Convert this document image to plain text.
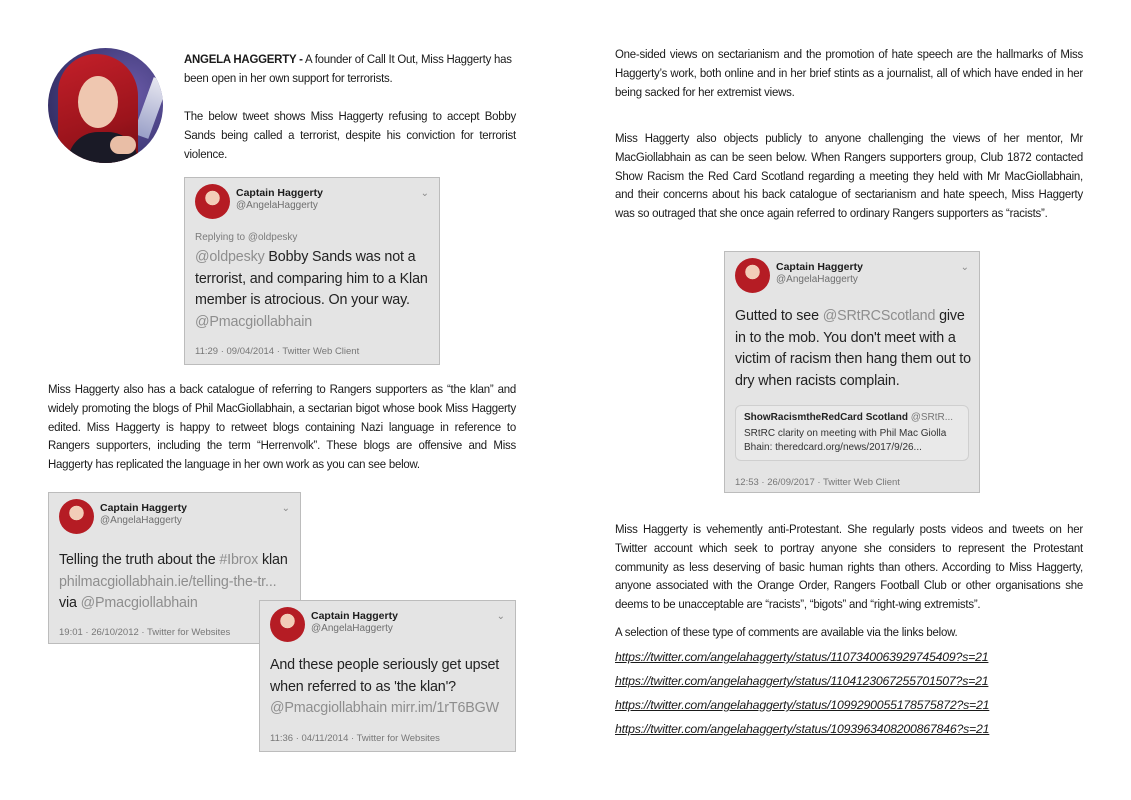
ANGELA HAGGERTY - A founder of Call It Out, Miss Haggerty has been open in her own support for terrorists.

The below tweet shows Miss Haggerty refusing to accept Bobby Sands being called a terrorist, despite his conviction for terrorist violence.

Captain Haggerty
@AngelaHaggerty
⌄
Replying to @oldpesky
@oldpesky Bobby Sands was not a
terrorist, and comparing him to a Klan
member is atrocious. On your way.
@Pmacgiollabhain
11:29 · 09/04/2014 · Twitter Web Client

Miss Haggerty also has a back catalogue of referring to Rangers supporters as “the klan” and widely promoting the blogs of Phil MacGiollabhain, a sectarian bigot whose book Miss Haggerty edited. Miss Haggerty is happy to retweet blogs containing Nazi language in reference to Rangers supporters, including the term “Herrenvolk”. These blogs are offensive and Miss Haggerty has replicated the language in her own work as you can see below.

Captain Haggerty
@AngelaHaggerty
⌄
Telling the truth about the #Ibrox klan
philmacgiollabhain.ie/telling-the-tr...
via @Pmacgiollabhain
19:01 · 26/10/2012 · Twitter for Websites
Captain Haggerty
@AngelaHaggerty
⌄
And these people seriously get upset
when referred to as 'the klan'?
@Pmacgiollabhain mirr.im/1rT6BGW
11:36 · 04/11/2014 · Twitter for Websites

One-sided views on sectarianism and the promotion of hate speech are the hallmarks of Miss Haggerty’s work, both online and in her brief stints as a journalist, all of which have ended in her being sacked for her extremist views.

Miss Haggerty also objects publicly to anyone challenging the views of her mentor, Mr MacGiollabhain as can be seen below. When Rangers supporters group, Club 1872 contacted Show Racism the Red Card Scotland regarding a meeting they held with Mr MacGiollabhain, and their concerns about his back catalogue of sectarianism and hate speech, Miss Haggerty was so outraged that she once again referred to ordinary Rangers supporters as “racists”.

Captain Haggerty
@AngelaHaggerty
⌄
Gutted to see @SRtRCScotland give
in to the mob. You don't meet with a
victim of racism then hang them out to
dry when racists complain.
ShowRacismtheRedCard Scotland @SRtR...
SRtRC clarity on meeting with Phil Mac Giolla
Bhain: theredcard.org/news/2017/9/26...
12:53 · 26/09/2017 · Twitter Web Client

Miss Haggerty is vehemently anti-Protestant. She regularly posts videos and tweets on her Twitter account which seek to portray anyone she considers to represent the Protestant community as less deserving of basic human rights than others. According to Miss Haggerty, anyone associated with the Orange Order, Rangers Football Club or other organisations she deems to be unacceptable are “racists”, “bigots” and “right-wing extremists”.

A selection of these type of comments are available via the links below.
https://twitter.com/angelahaggerty/status/1107340063929745409?s=21
https://twitter.com/angelahaggerty/status/1104123067255701507?s=21
https://twitter.com/angelahaggerty/status/1099290055178575872?s=21
https://twitter.com/angelahaggerty/status/1093963408200867846?s=21
